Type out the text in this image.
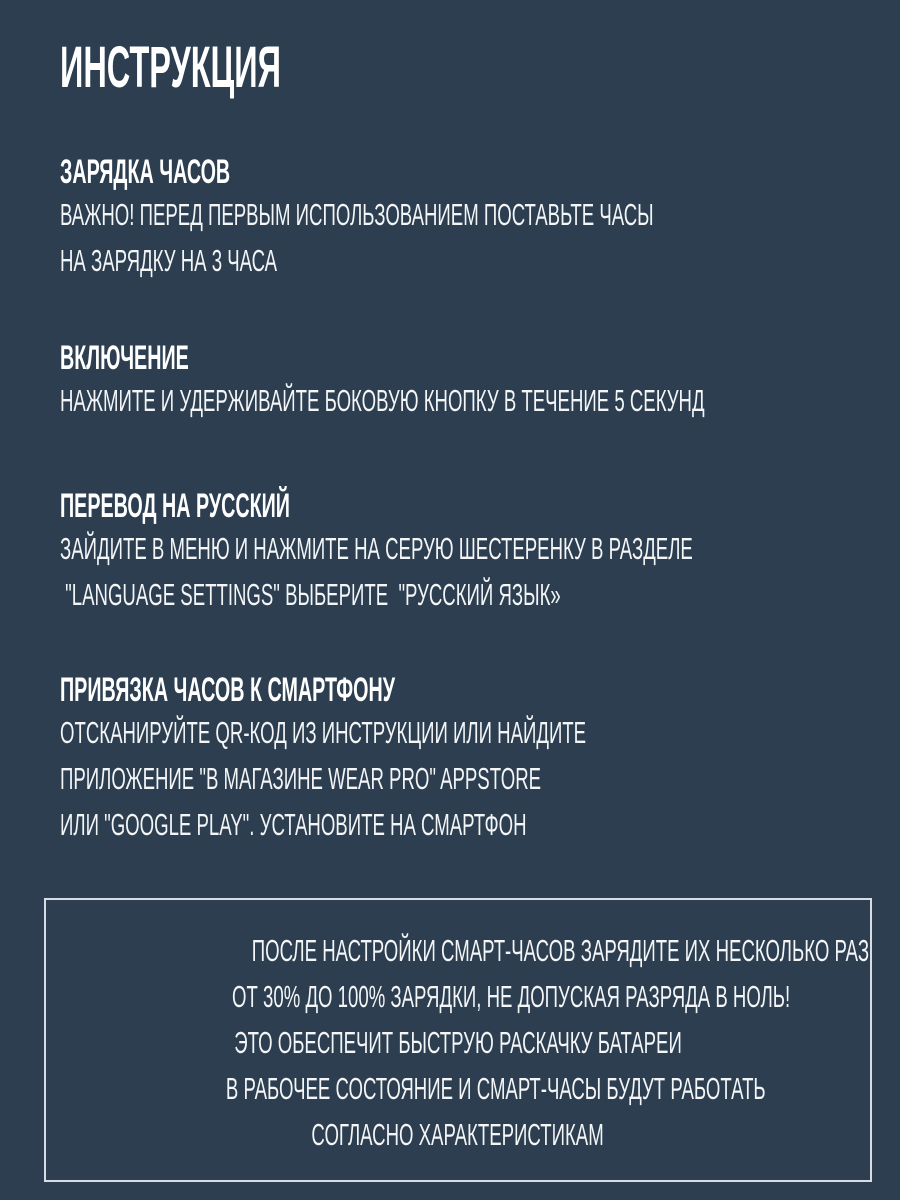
ИНСТРУКЦИЯ
ЗАРЯДКА ЧАСОВ
ВАЖНО! ПЕРЕД ПЕРВЫМ ИСПОЛЬЗОВАНИЕМ ПОСТАВЬТЕ ЧАСЫ
НА ЗАРЯДКУ НА 3 ЧАСА
ВКЛЮЧЕНИЕ
НАЖМИТЕ И УДЕРЖИВАЙТЕ БОКОВУЮ КНОПКУ В ТЕЧЕНИЕ 5 СЕКУНД
ПЕРЕВОД НА РУССКИЙ
ЗАЙДИТЕ В МЕНЮ И НАЖМИТЕ НА СЕРУЮ ШЕСТЕРЕНКУ В РАЗДЕЛЕ
"LANGUAGE SETTINGS" ВЫБЕРИТЕ  "РУССКИЙ ЯЗЫК»
ПРИВЯЗКА ЧАСОВ К СМАРТФОНУ
ОТСКАНИРУЙТЕ QR-КОД ИЗ ИНСТРУКЦИИ ИЛИ НАЙДИТЕ
ПРИЛОЖЕНИЕ "В МАГАЗИНЕ WEAR PRO" APPSTORE
ИЛИ "GOOGLE PLAY". УСТАНОВИТЕ НА СМАРТФОН
ПОСЛЕ НАСТРОЙКИ СМАРТ-ЧАСОВ ЗАРЯДИТЕ ИХ НЕСКОЛЬКО РАЗ
ОТ 30% ДО 100% ЗАРЯДКИ, НЕ ДОПУСКАЯ РАЗРЯДА В НОЛЬ!
ЭТО ОБЕСПЕЧИТ БЫСТРУЮ РАСКАЧКУ БАТАРЕИ
В РАБОЧЕЕ СОСТОЯНИЕ И СМАРТ-ЧАСЫ БУДУТ РАБОТАТЬ
СОГЛАСНО ХАРАКТЕРИСТИКАМ
